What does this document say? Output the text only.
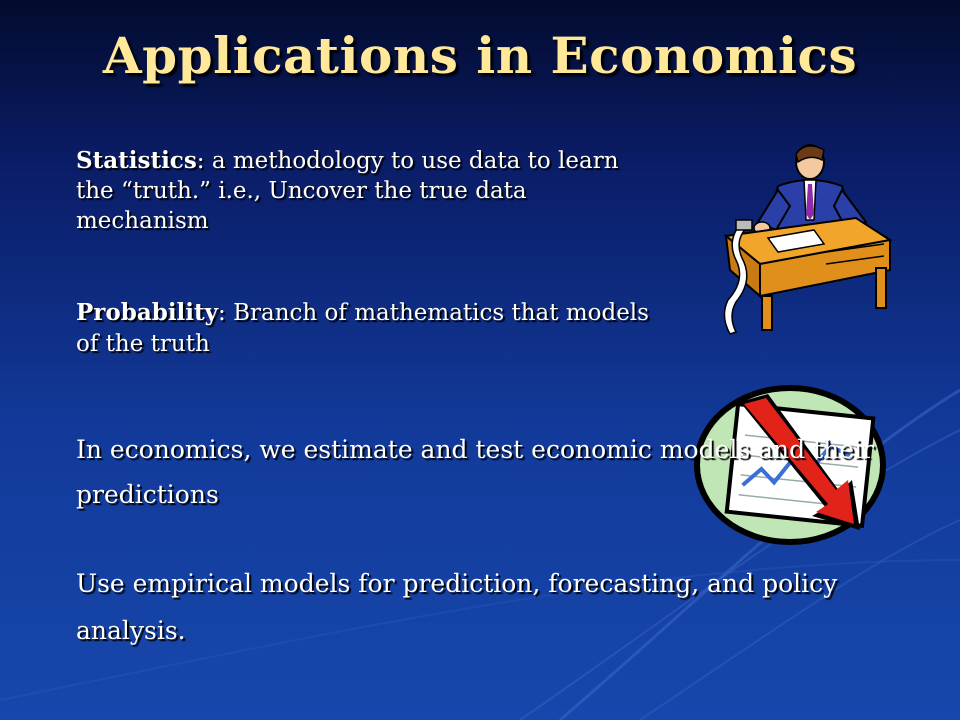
Applications in Economics
Statistics: a methodology to use data to learn the “truth.” i.e., Uncover the true data mechanism
Probability: Branch of mathematics that models of the truth
In economics, we estimate and test economic models and their predictions
Use empirical models for prediction, forecasting, and policy analysis.
